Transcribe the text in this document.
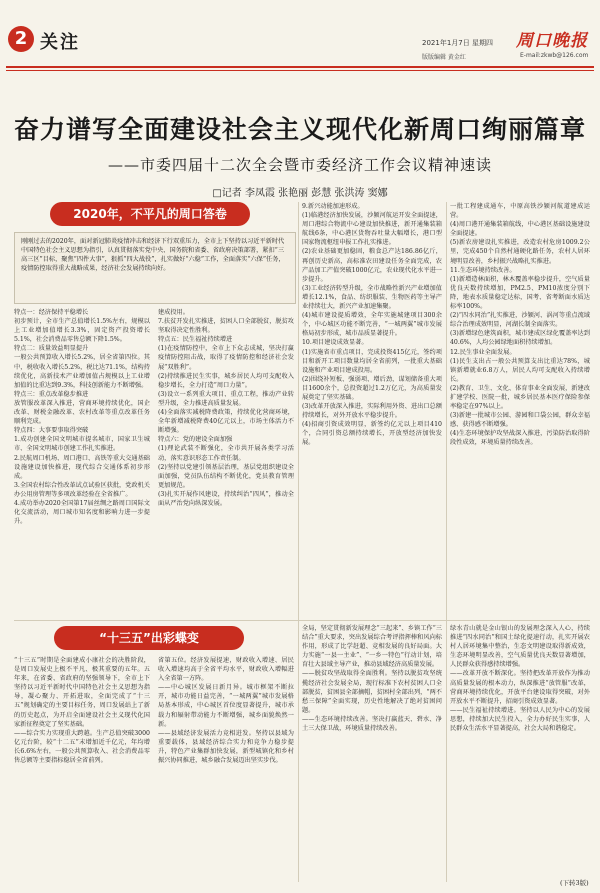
2 关注	2021年1月7日 星期四
版版编辑 黄金红	E-mail:zkwb@126.com
周口晚报
奋力谱写全面建设社会主义现代化新周口绚丽篇章
——市委四届十二次全会暨市委经济工作会议精神速读
□记者 李凤霞 张艳丽 彭慧 张洪涛 窦娜
2020年，不平凡的周口答卷
刚刚过去的2020年，面对新冠肺炎疫情冲击和经济下行双重压力，全市上下坚持以习近平新时代中国特色社会主义思想为指引，认真贯彻落实党中央、国务院和省委、省政府决策部署，紧扣“三高三区”目标，聚焦“四件大事”，狠抓“四大战役”，扎实做好“六稳”工作，全面落实“六保”任务，疫情防控取得重大战略成果，经济社会发展持续向好。
特点一：经济保持平稳增长
初步预计，全市生产总值增长1.5%左右，规模以上工业增加值增长3.3%，固定资产投资增长5.1%，社会消费品零售总额下降1.5%。
特点二：质量效益明显提升
一般公共预算收入增长5.2%，居全省第四位。其中，税收收入增长5.2%，税比达71.1%，结构持续优化，高新技术产业增加值占规模以上工业增加值的比重达到9.3%，科技创新能力不断增强。
特点三：重点改革稳步推进
放管服改革深入推进，营商环境持续优化，国企改革、财税金融改革、农村改革等重点改革任务顺利完成。
特点四：大事要事取得突破
1.成功创建全国文明城市提名城市，国家卫生城市、全国文明城市创建工作扎实推进。
2.民航周口机场、周口港口、高铁等重大交通基础设施建设加快推进，现代综合交通体系初步形成。
3.全国农村综合性改革试点试验区获批，党政机关办公用房管理等多项改革经验在全省推广。
4.成功举办2020全国第17届丝绸之路周口国际文化交流活动，周口城市知名度和影响力进一步提升。
建成投用。
7.扶贫开发扎实推进，贫困人口全部脱贫，脱贫攻坚取得决定性胜利。
特点五：民生福祉持续增进
(1)在疫情防控中，全市上下众志成城，坚决打赢疫情防控阻击战，取得了疫情防控和经济社会发展“双胜利”。
(2)持续推进民生实事，城乡居民人均可支配收入稳步增长，全力打造“周口力量”。
(3)设立一系列重大项目、重点工程，推动产业转型升级，全力推进高质量发展。
(4)全面落实减税降费政策，持续优化营商环境，全年新增减税降费40亿元以上，市场主体活力不断增强。
特点六：党的建设全面加强
(1)理论武装不断强化，全市共开展各类学习活动，落实意识形态工作责任制。
(2)坚持以党建引领基层治理，基层党组织建设全面加强，党员队伍结构不断优化，党员教育管理更加规范。
(3)扎实开展作风建设，持续纠治“四风”，推动全面从严治党向纵深发展。
9.新兴动能加速形成。
(1)临港经济加快发展，沙颍河航运开发全面提速，周口港综合物流中心建设加快推进，新开通集装箱航线6条，中心港区货物吞吐量大幅增长，港口型国家物流枢纽申报工作扎实推进。
(2)农业基础更加稳固，粮食总产达186.86亿斤，再创历史新高，高标准农田建设任务全面完成，农产品加工产值突破1000亿元，农业现代化水平进一步提升。
(3)工业经济转型升级，全市战略性新兴产业增加值增长12.1%，食品、纺织服装、生物医药等主导产业持续壮大，新兴产业加速集聚。
(4)城市建设提质增效，全年实施城建项目300余个，中心城区功能不断完善，“一城两翼”城市发展格局初步形成，城市品质显著提升。
10.项目建设成效显著。
(1)实施省市重点项目，完成投资415亿元，签约项目和新开工项目数量均居全省前列，一批重大基础设施和产业项目建成投用。
(2)围绕补短板、强弱项、增后劲，谋划储备重大项目1600余个，总投资超过1.2万亿元，为高质量发展奠定了坚实基础。
(3)改革开放深入推进，实际利用外资、进出口总额持续增长，对外开放水平稳步提升。
(4)招商引资成效明显，新签约亿元以上项目410个，合同引资总额持续增长，开放型经济加快发展。
一批工程建成通车，中原高铁沙颍河航道建成运营。
(4)周口港开通集装箱航线，中心港区基础设施建设全面提速。
(5)新农房建设扎实推进，改造农村危房1009.2公里，完成450个自然村通硬化路任务，农村人居环境明显改善，乡村振兴战略扎实推进。
11.生态环境持续改善。
(1)新增造林面积，林木覆盖率稳步提升，空气质量优良天数持续增加，PM2.5、PM10浓度分别下降，地表水质量稳定达标，国考、省考断面水质达标率100%。
(2)“四水同治”扎实推进，沙颍河、涡河等重点流域综合治理成效明显，河湖长制全面落实。
(3)新增绿色建筑面积，城市建成区绿化覆盖率达到40.6%，人均公园绿地面积持续增加。
12.民生事业全面发展。
(1)民生支出占一般公共预算支出比重达78%，城镇新增就业6.8万人，居民人均可支配收入持续增长。
(2)教育、卫生、文化、体育事业全面发展，新建改扩建学校、医院一批，城乡居民基本医疗保险参保率稳定在97%以上。
(3)新建一批城市公园、游园和口袋公园，群众幸福感、获得感不断增强。
(4)生态环境保护攻坚战深入推进，污染防治取得阶段性成效，环境质量持续改善。
“十三五”出彩蝶变
“十三五”时期是全面建成小康社会的决胜阶段，是周口发展史上极不平凡、极其重要的五年。五年来，在省委、省政府的坚强领导下，全市上下坚持以习近平新时代中国特色社会主义思想为指导，凝心聚力、开拓进取，全面完成了“十三五”规划确定的主要目标任务，周口发展站上了新的历史起点，为开启全面建设社会主义现代化国家新征程奠定了坚实基础。
——综合实力实现重大跨越。生产总值突破3000亿元台阶，较“十二五”末增加近千亿元，年均增长6.6%左右，一般公共预算收入、社会消费品零售总额等主要指标稳居全省前列。
省第五位。经济发展提速，财政收入增速、居民收入增速均高于全省平均水平，财政收入增幅进入全省第一方阵。
——中心城区发展日新月异。城市框架不断拉开，城市功能日益完善，“一城两翼”城市发展格局基本形成，中心城区首位度显著提升，城市承载力和辐射带动能力不断增强，城乡面貌焕然一新。
——县域经济发展活力竞相迸发。坚持以县域为重要载体，县域经济综合实力和竞争力稳步提升，特色产业集群加快发展，新型城镇化和乡村振兴协同推进，城乡融合发展迈出坚实步伐。
全局，坚定贯彻新发展理念“三起来”、乡镇工作“三结合”重大要求，突出发展综合考评指挥棒和风向标作用，形成了比学赶超、竞相发展的良好局面。大力实施“一县一主业”、“一乡一特色”行动计划，培育壮大县域主导产业，推动县域经济高质量发展。
——脱贫攻坚战取得全面胜利。坚持以脱贫攻坚统揽经济社会发展全局，现行标准下农村贫困人口全部脱贫，贫困县全部摘帽，贫困村全部出列，“两不愁三保障”全面实现，历史性地解决了绝对贫困问题。
——生态环境持续改善。坚决打赢蓝天、碧水、净土三大保卫战，环境质量持续改善。
绿水青山就是金山银山的发展理念深入人心，持续推进“四水同治”和国土绿化提速行动，扎实开展农村人居环境集中整治，生态文明建设取得新成效，生态环境明显改善，空气质量优良天数显著增加，人民群众获得感持续增强。
——改革开放不断深化。坚持把改革开放作为推动高质量发展的根本动力，纵深推进“放管服”改革，营商环境持续优化，开放平台建设取得突破，对外开放水平不断提升，招商引资成效显著。
——民生福祉持续增进。坚持以人民为中心的发展思想，持续加大民生投入，全力办好民生实事，人民群众生活水平显著提高，社会大局和谐稳定。
(下转3版)
